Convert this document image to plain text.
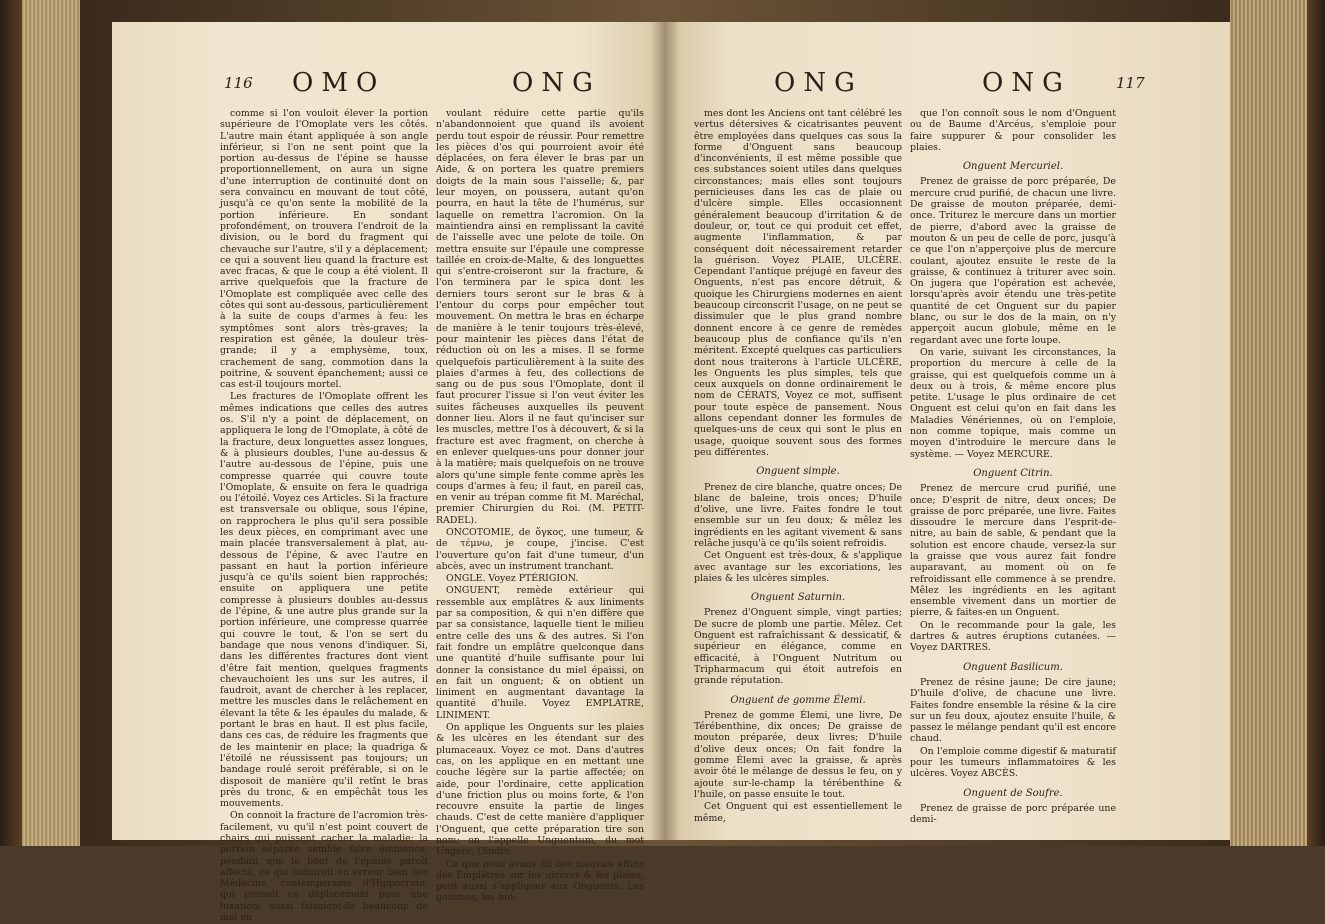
116 OMO	ONG

comme si l'on vouloit élever la portion supérieure de l'Omoplate vers les côtés. L'autre main étant appliquée à son angle inférieur, si l'on ne sent point que la portion au-dessus de l'épine se hausse proportionnellement, on aura un signe d'une interruption de continuité dont on sera convaincu en mouvant de tout côté, jusqu'à ce qu'on sente la mobilité de la portion inférieure. En sondant profondément, on trouvera l'endroit de la division, ou le bord du fragment qui chevauche sur l'autre, s'il y a déplacement; ce qui a souvent lieu quand la fracture est avec fracas, & que le coup a été violent. Il arrive quelquefois que la fracture de l'Omoplate est compliquée avec celle des côtes qui sont au-dessous, particulièrement à la suite de coups d'armes à feu: les symptômes sont alors très-graves; la respiration est gênée, la douleur très-grande; il y a emphysème, toux, crachement de sang, commotion dans la poitrine, & souvent épanchement; aussi ce cas est-il toujours mortel.

Les fractures de l'Omoplate offrent les mêmes indications que celles des autres os. S'il n'y a point de déplacement, on appliquera le long de l'Omoplate, à côté de la fracture, deux longuettes assez longues, & à plusieurs doubles, l'une au-dessus & l'autre au-dessous de l'épine, puis une compresse quarrée qui couvre toute l'Omoplate, & ensuite on fera le quadriga ou l'étoilé. Voyez ces Articles. Si la fracture est transversale ou oblique, sous l'épine, on rapprochera le plus qu'il sera possible les deux pièces, en comprimant avec une main placée transversalement à plat, au-dessous de l'épine, & avec l'autre en passant en haut la portion inférieure jusqu'à ce qu'ils soient bien rapprochés; ensuite on appliquera une petite compresse à plusieurs doubles au-dessus de l'épine, & une autre plus grande sur la portion inférieure, une compresse quarrée qui couvre le tout, & l'on se sert du bandage que nous venons d'indiquer. Si, dans les différentes fractures dont vient d'être fait mention, quelques fragments chevauchoient les uns sur les autres, il faudroit, avant de chercher à les replacer, mettre les muscles dans le relâchement en élevant la tête & les épaules du malade, & portant le bras en haut. Il est plus facile, dans ces cas, de réduire les fragments que de les maintenir en place; la quadriga & l'étoilé ne réussissent pas toujours; un bandage roulé seroit préférable, si on le disposoit de manière qu'il retînt le bras près du tronc, & en empêchât tous les mouvements.

On connoit la fracture de l'acromion très-facilement, vu qu'il n'est point couvert de chairs qui puissent cacher la maladie; la portion séparée semble faire éminence, pendant que le bout de l'épaule paroît affecté, ce qui induiroit en erreur bien des Médecins, contemporains d'Hippocrate, qui prenoit ce déplacement pour une luxation; aussi faisoient-ils beaucoup de mal en

voulant réduire cette partie qu'ils n'abandonnoient que quand ils avoient perdu tout espoir de réussir. Pour remettre les pièces d'os qui pourroient avoir été déplacées, on fera élever le bras par un Aide, & on portera les quatre premiers doigts de la main sous l'aisselle; &, par leur moyen, on poussera, autant qu'on pourra, en haut la tête de l'humérus, sur laquelle on remettra l'acromion. On la maintiendra ainsi en remplissant la cavité de l'aisselle avec une pelote de toile. On mettra ensuite sur l'épaule une compresse taillée en croix-de-Malte, & des longuettes qui s'entre-croiseront sur la fracture, & l'on terminera par le spica dont les derniers tours seront sur le bras & à l'entour du corps pour empêcher tout mouvement. On mettra le bras en écharpe de manière à le tenir toujours très-élevé, pour maintenir les pièces dans l'état de réduction où on les a mises. Il se forme quelquefois particulièrement à la suite des plaies d'armes à feu, des collections de sang ou de pus sous l'Omoplate, dont il faut procurer l'issue si l'on veut éviter les suites fâcheuses auxquelles ils peuvent donner lieu. Alors il ne faut qu'inciser sur les muscles, mettre l'os à découvert, & si la fracture est avec fragment, on cherche à en enlever quelques-uns pour donner jour à la matière; mais quelquefois on ne trouve alors qu'une simple fente comme après les coups d'armes à feu; il faut, en pareil cas, en venir au trépan comme fit M. Maréchal, premier Chirurgien du Roi. (M. PETIT-RADEL).

ONCOTOMIE, de ὄγκος, une tumeur, & de τέμνω, je coupe, j'incise. C'est l'ouverture qu'on fait d'une tumeur, d'un abcès, avec un instrument tranchant.

ONGLE. Voyez PTÉRIGION.

ONGUENT, remède extérieur qui ressemble aux emplâtres & aux liniments par sa composition, & qui n'en diffère que par sa consistance, laquelle tient le milieu entre celle des uns & des autres. Si l'on fait fondre un emplâtre quelconque dans une quantité d'huile suffisante pour lui donner la consistance du miel épaissi, on en fait un onguent; & on obtient un liniment en augmentant davantage la quantité d'huile. Voyez EMPLATRE, LINIMENT.

On applique les Onguents sur les plaies & les ulcères en les étendant sur des plumaceaux. Voyez ce mot. Dans d'autres cas, on les applique en en mettant une couche légère sur la partie affectée; on aide, pour l'ordinaire, cette application d'une friction plus ou moins forte, & l'on recouvre ensuite la partie de linges chauds. C'est de cette manière d'appliquer l'Onguent, que cette préparation tire son nom; on l'appelle Unguentum, du mot Ungere, Oindre.

Ce que nous avons dit des mauvais effets des Emplâtres sur les ulcères & les plaies, peut aussi s'appliquer aux Onguents. Les gommes, les hui-

ONG	ONG	117

mes dont les Anciens ont tant célébré les vertus détersives & cicatrisantes peuvent être employées dans quelques cas sous la forme d'Onguent sans beaucoup d'inconvénients, il est même possible que ces substances soient utiles dans quelques circonstances; mais elles sont toujours pernicieuses dans les cas de plaie ou d'ulcère simple. Elles occasionnent généralement beaucoup d'irritation & de douleur, or, tout ce qui produit cet effet, augmente l'inflammation, & par conséquent doit nécessairement retarder la guérison. Voyez PLAIE, ULCÈRE. Cependant l'antique préjugé en faveur des Onguents, n'est pas encore détruit, & quoique les Chirurgiens modernes en aient beaucoup circonscrit l'usage, on ne peut se dissimuler que le plus grand nombre donnent encore à ce genre de remèdes beaucoup plus de confiance qu'ils n'en méritent. Excepté quelques cas particuliers dont nous traiterons à l'article ULCÈRE, les Onguents les plus simples, tels que ceux auxquels on donne ordinairement le nom de CÉRATS, Voyez ce mot, suffisent pour toute espèce de pansement. Nous allons cependant donner les formules de quelques-uns de ceux qui sont le plus en usage, quoique souvent sous des formes peu différentes.

Onguent simple.

Prenez de cire blanche, quatre onces; De blanc de baleine, trois onces; D'huile d'olive, une livre. Faites fondre le tout ensemble sur un feu doux; & mêlez les ingrédients en les agitant vivement & sans relâche jusqu'à ce qu'ils soient refroidis.

Cet Onguent est très-doux, & s'applique avec avantage sur les excoriations, les plaies & les ulcères simples.

Onguent Saturnin.

Prenez d'Onguent simple, vingt parties; De sucre de plomb une partie. Mêlez. Cet Onguent est rafraîchissant & dessicatif, & supérieur en élégance, comme en efficacité, à l'Onguent Nutritum ou Tripharmacum qui étoit autrefois en grande réputation.

Onguent de gomme Élemi.

Prenez de gomme Élemi, une livre, De Térébenthine, dix onces; De graisse de mouton préparée, deux livres; D'huile d'olive deux onces; On fait fondre la gomme Élemi avec la graisse, & après avoir ôté le mélange de dessus le feu, on y ajoute sur-le-champ la térébenthine & l'huile, on passe ensuite le tout.

Cet Onguent qui est essentiellement le même,

que l'on connoît sous le nom d'Onguent ou de Baume d'Arcéus, s'emploie pour faire suppurer & pour consolider les plaies.

Onguent Mercuriel.

Prenez de graisse de porc préparée, De mercure crud purifié, de chacun une livre. De graisse de mouton préparée, demi-once. Triturez le mercure dans un mortier de pierre, d'abord avec la graisse de mouton & un peu de celle de porc, jusqu'à ce que l'on n'apperçoive plus de mercure coulant, ajoutez ensuite le reste de la graisse, & continuez à triturer avec soin. On jugera que l'opération est achevée, lorsqu'après avoir étendu une très-petite quantité de cet Onguent sur du papier blanc, ou sur le dos de la main, on n'y apperçoit aucun globule, même en le regardant avec une forte loupe.

On varie, suivant les circonstances, la proportion du mercure à celle de la graisse, qui est quelquefois comme un à deux ou à trois, & même encore plus petite. L'usage le plus ordinaire de cet Onguent est celui qu'on en fait dans les Maladies Vénériennes, où on l'emploie, non comme topique, mais comme un moyen d'introduire le mercure dans le système. — Voyez MERCURE.

Onguent Citrin.

Prenez de mercure crud purifié, une once; D'esprit de nitre, deux onces; De graisse de porc préparée, une livre. Faites dissoudre le mercure dans l'esprit-de-nitre, au bain de sable, & pendant que la solution est encore chaude, versez-la sur la graisse que vous aurez fait fondre auparavant, au moment où on fe refroidissant elle commence à se prendre. Mêlez les ingrédients en les agitant ensemble vivement dans un mortier de pierre, & faites-en un Onguent.

On le recommande pour la gale, les dartres & autres éruptions cutanées. — Voyez DARTRES.

Onguent Basilicum.

Prenez de résine jaune; De cire jaune; D'huile d'olive, de chacune une livre. Faites fondre ensemble la résine & la cire sur un feu doux, ajoutez ensuite l'huile, & passez le mélange pendant qu'il est encore chaud.

On l'emploie comme digestif & maturatif pour les tumeurs inflammatoires & les ulcères. Voyez ABCÈS.

Onguent de Soufre.

Prenez de graisse de porc préparée une demi-
